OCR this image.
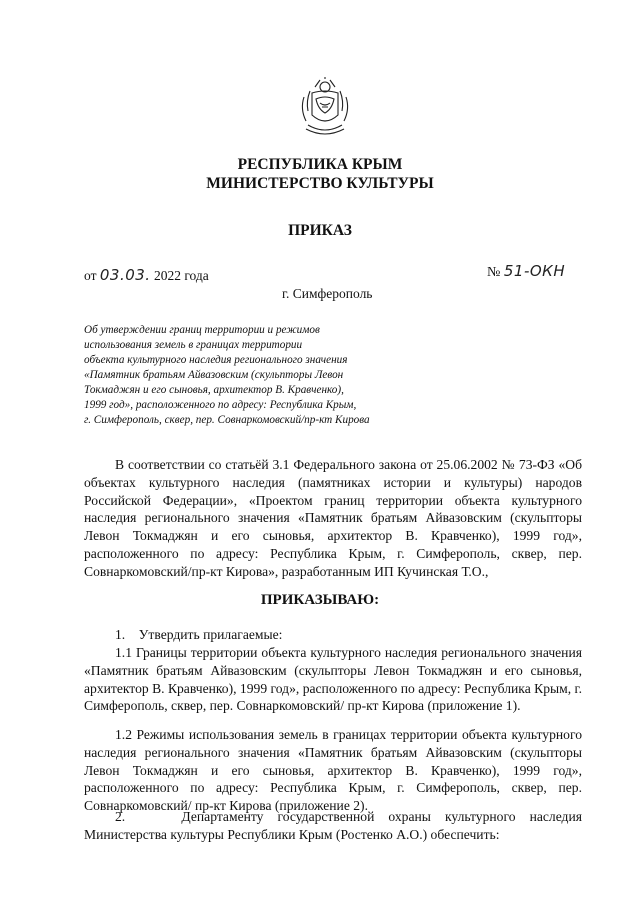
РЕСПУБЛИКА КРЫМ
МИНИСТЕРСТВО КУЛЬТУРЫ
ПРИКАЗ
от 03.03. 2022 года	№ 51-ОКН
г. Симферополь
Об утверждении границ территории и режимов
использования земель в границах территории
объекта культурного наследия регионального значения
«Памятник братьям Айвазовским (скульпторы Левон
Токмаджян и его сыновья, архитектор В. Кравченко),
1999 год», расположенного по адресу: Республика Крым,
г. Симферополь, сквер, пер. Совнаркомовский/пр-кт Кирова
В соответствии со статьёй 3.1 Федерального закона от 25.06.2002 № 73-ФЗ «Об объектах культурного наследия (памятниках истории и культуры) народов Российской Федерации», «Проектом границ территории объекта культурного наследия регионального значения «Памятник братьям Айвазовским (скульпторы Левон Токмаджян и его сыновья, архитектор В. Кравченко), 1999 год», расположенного по адресу: Республика Крым, г. Симферополь, сквер, пер. Совнаркомовский/пр-кт Кирова», разработанным ИП Кучинская Т.О.,
ПРИКАЗЫВАЮ:
1.    Утвердить прилагаемые:
1.1 Границы территории объекта культурного наследия регионального значения «Памятник братьям Айвазовским (скульпторы Левон Токмаджян и его сыновья, архитектор В. Кравченко), 1999 год», расположенного по адресу: Республика Крым, г. Симферополь, сквер, пер. Совнаркомовский/ пр-кт Кирова (приложение 1).
1.2 Режимы использования земель в границах территории объекта культурного наследия регионального значения «Памятник братьям Айвазовским (скульпторы Левон Токмаджян и его сыновья, архитектор В. Кравченко), 1999 год», расположенного по адресу: Республика Крым, г. Симферополь, сквер, пер. Совнаркомовский/ пр-кт Кирова (приложение 2).
2.    Департаменту государственной охраны культурного наследия Министерства культуры Республики Крым (Ростенко А.О.) обеспечить:
